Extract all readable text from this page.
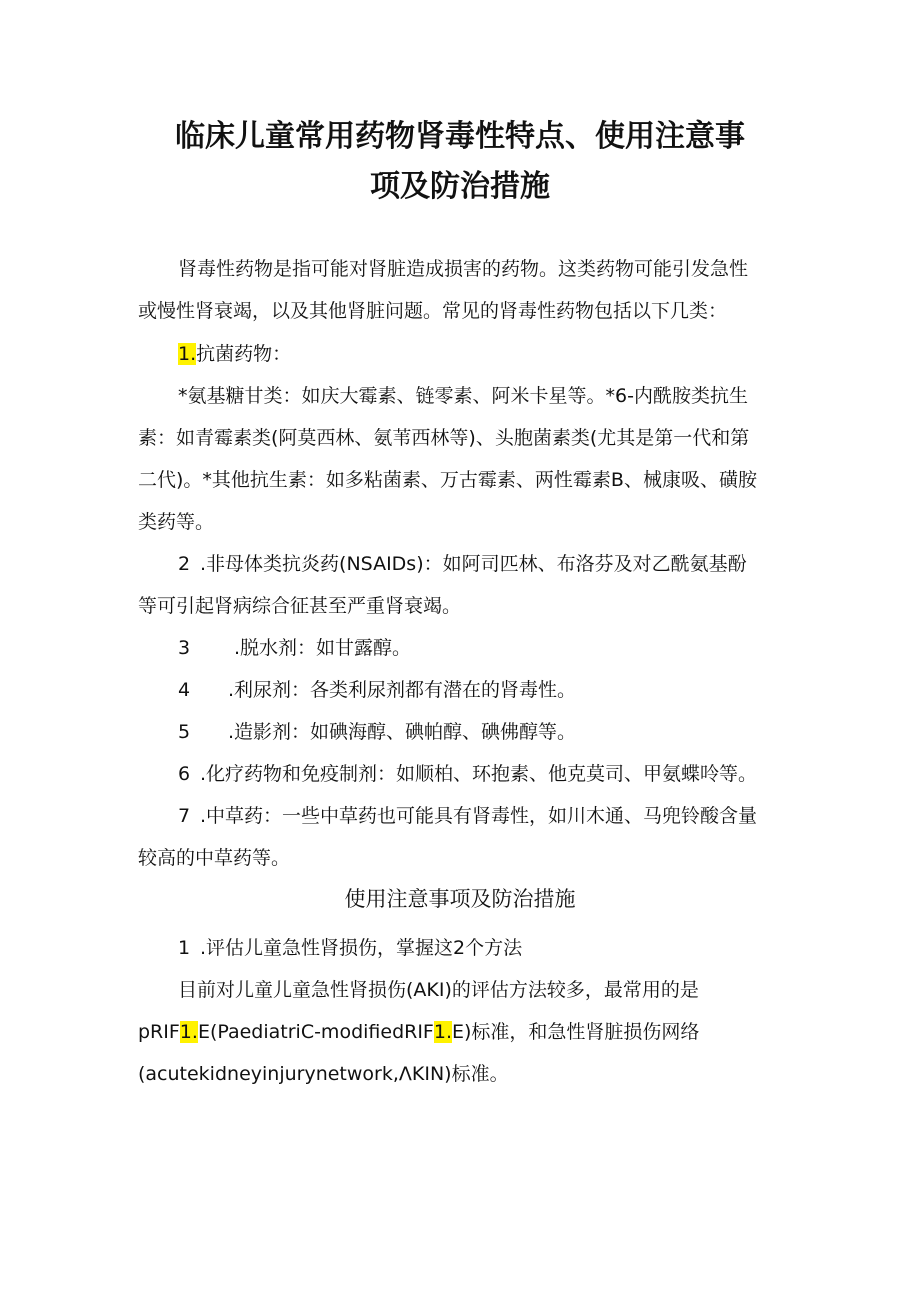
临床儿童常用药物肾毒性特点、使用注意事
项及防治措施
肾毒性药物是指可能对肾脏造成损害的药物。这类药物可能引发急性
或慢性肾衰竭，以及其他肾脏问题。常见的肾毒性药物包括以下几类：
1.抗菌药物：
*氨基糖甘类：如庆大霉素、链零素、阿米卡星等。*6-内酰胺类抗生
素：如青霉素类(阿莫西林、氨苇西林等)、头胞菌素类(尤其是第一代和第
二代)。*其他抗生素：如多粘菌素、万古霉素、两性霉素B、械康吸、磺胺
类药等。
2 .非母体类抗炎药(NSAIDs)：如阿司匹林、布洛芬及对乙酰氨基酚
等可引起肾病综合征甚至严重肾衰竭。
3 .脱水剂：如甘露醇。
4 .利尿剂：各类利尿剂都有潜在的肾毒性。
5 .造影剂：如碘海醇、碘帕醇、碘佛醇等。
6 .化疗药物和免疫制剂：如顺柏、环抱素、他克莫司、甲氨蝶呤等。
7 .中草药：一些中草药也可能具有肾毒性，如川木通、马兜铃酸含量
较高的中草药等。
使用注意事项及防治措施
1 .评估儿童急性肾损伤，掌握这2个方法
目前对儿童儿童急性肾损伤(AKI)的评估方法较多，最常用的是
pRIF1.E(PaediatriC-modifiedRIF1.E)标准，和急性肾脏损伤网络
(acutekidneyinjurynetwork,ΛKIN)标准。
